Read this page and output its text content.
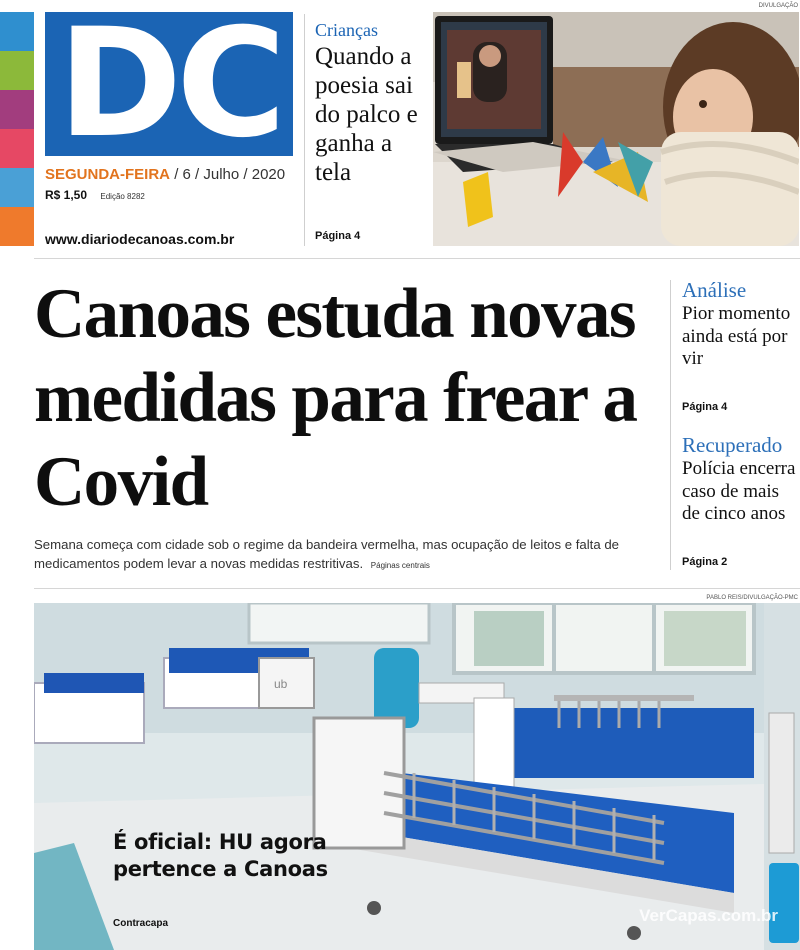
DC
SEGUNDA-FEIRA / 6 / Julho / 2020
R$ 1,50 Edição 8282
www.diariodecanoas.com.br
Crianças
Quando a poesia sai do palco e ganha a tela
Página 4
DIVULGAÇÃO
Canoas estuda novas medidas para frear a Covid

Semana começa com cidade sob o regime da bandeira vermelha, mas ocupação de leitos e falta de medicamentos podem levar a novas medidas restritivas. Páginas centrais

Análise
Pior momento ainda está por vir
Página 4
Recuperado
Polícia encerra caso de mais de cinco anos
Página 2
PABLO REIS/DIVULGAÇÃO-PMC
ub
VerCapas.com.br
É oficial: HU agora pertence a Canoas
Contracapa
